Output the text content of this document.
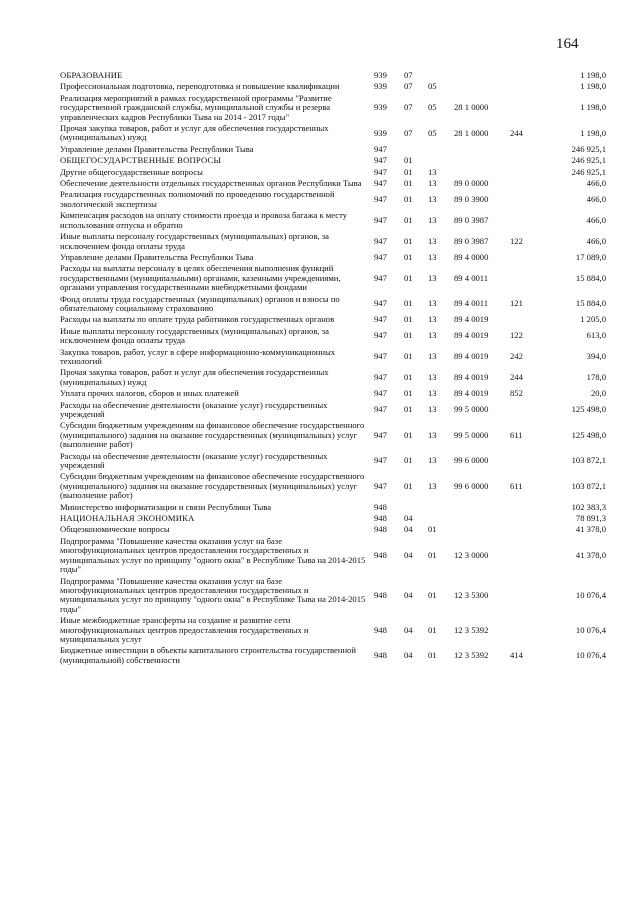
164
ОБРАЗОВАНИЕ	939	07				1 198,0
Профессиональная подготовка, переподготовка и повышение квалификации	939	07	05			1 198,0
Реализация мероприятий в рамках государственной программы "Развитие государственной гражданской службы, муниципальной службы и резерва управленческих кадров Республики Тыва на 2014 - 2017 годы"	939	07	05	28 1 0000		1 198,0
Прочая закупка товаров, работ и услуг для обеспечения государственных (муниципальных) нужд	939	07	05	28 1 0000	244	1 198,0
Управление делами Правительства Республики Тыва	947					246 925,1
ОБЩЕГОСУДАРСТВЕННЫЕ ВОПРОСЫ	947	01				246 925,1
Другие общегосударственные вопросы	947	01	13			246 925,1
Обеспечение деятельности отдельных государственных органов Республики Тыва	947	01	13	89 0 0000		466,0
Реализация государственных полномочий по проведению государственной экологической экспертизы	947	01	13	89 0 3900		466,0
Компенсация расходов на оплату стоимости проезда и провоза багажа к месту использования отпуска и обратно	947	01	13	89 0 3987		466,0
Иные выплаты персоналу государственных (муниципальных) органов, за исключением фонда оплаты труда	947	01	13	89 0 3987	122	466,0
Управление делами Правительства Республики Тыва	947	01	13	89 4 0000		17 089,0
Расходы на выплаты персоналу в целях обеспечения выполнения функций государственными (муниципальными) органами, казенными учреждениями, органами управления государственными внебюджетными фондами	947	01	13	89 4 0011		15 884,0
Фонд оплаты труда государственных (муниципальных) органов и взносы по обязательному социальному страхованию	947	01	13	89 4 0011	121	15 884,0
Расходы на выплаты по оплате труда работников государственных органов	947	01	13	89 4 0019		1 205,0
Иные выплаты персоналу государственных (муниципальных) органов, за исключением фонда оплаты труда	947	01	13	89 4 0019	122	613,0
Закупка товаров, работ, услуг в сфере информационно-коммуникационных технологий	947	01	13	89 4 0019	242	394,0
Прочая закупка товаров, работ и услуг для обеспечения государственных (муниципальных) нужд	947	01	13	89 4 0019	244	178,0
Уплата прочих налогов, сборов и иных платежей	947	01	13	89 4 0019	852	20,0
Расходы на обеспечение деятельности (оказание услуг) государственных учреждений	947	01	13	99 5 0000		125 498,0
Субсидии бюджетным учреждениям на финансовое обеспечение государственного (муниципального) задания на оказание государственных (муниципальных) услуг (выполнение работ)	947	01	13	99 5 0000	611	125 498,0
Расходы на обеспечение деятельности (оказание услуг) государственных учреждений	947	01	13	99 6 0000		103 872,1
Субсидии бюджетным учреждениям на финансовое обеспечение государственного (муниципального) задания на оказание государственных (муниципальных) услуг (выполнение работ)	947	01	13	99 6 0000	611	103 872,1
Министерство информатизации и связи Республики Тыва	948					102 383,3
НАЦИОНАЛЬНАЯ ЭКОНОМИКА	948	04				78 891,3
Общеэкономические вопросы	948	04	01			41 378,0
Подпрограмма "Повышение качества оказания услуг на базе многофункциональных центров предоставления государственных и муниципальных услуг по принципу "одного окна" в Республике Тыва на 2014-2015 годы"	948	04	01	12 3 0000		41 378,0
Подпрограмма "Повышение качества оказания услуг на базе многофункциональных центров предоставления государственных и муниципальных услуг по принципу "одного окна" в Республике Тыва на 2014-2015 годы"	948	04	01	12 3 5300		10 076,4
Иные межбюджетные трансферты на создание и развитие сети многофункциональных центров предоставления государственных и муниципальных услуг	948	04	01	12 3 5392		10 076,4
Бюджетные инвестиции в объекты капитального строительства государственной (муниципальной) собственности	948	04	01	12 3 5392	414	10 076,4
